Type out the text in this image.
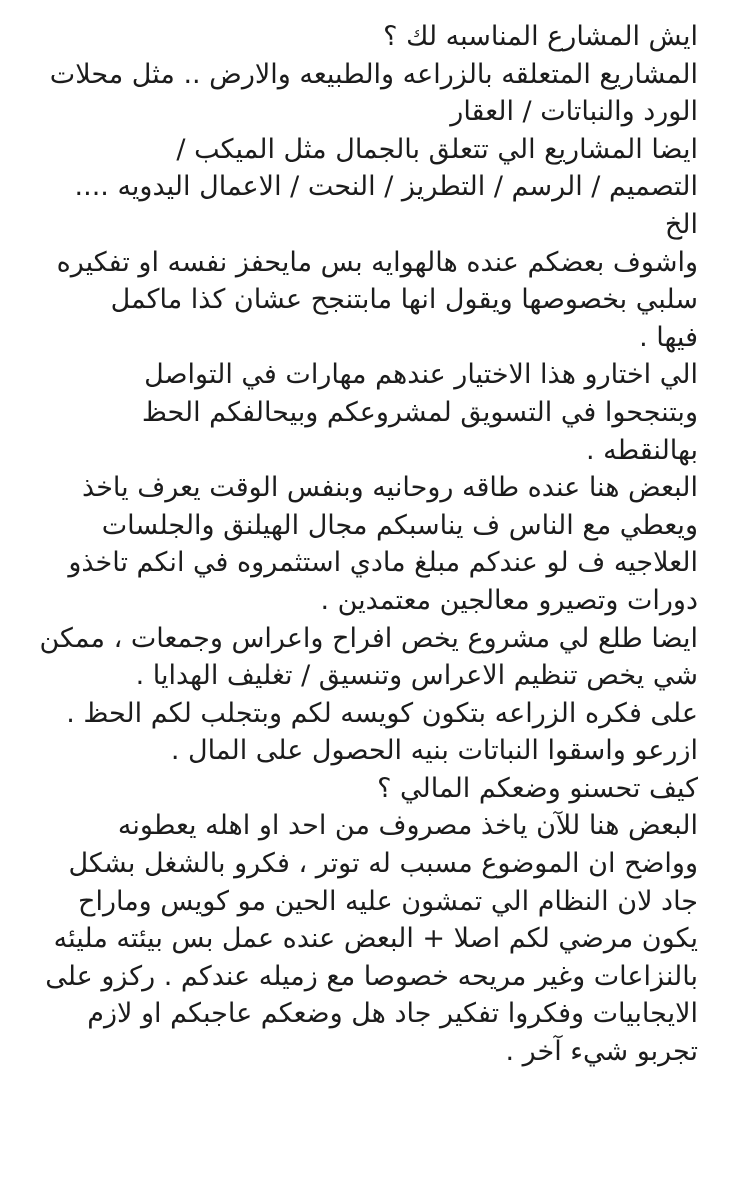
ايش المشارع المناسبه لك ؟
المشاريع المتعلقه بالزراعه والطبيعه والارض .. مثل محلات
الورد والنباتات / العقار
ايضا المشاريع الي تتعلق بالجمال مثل الميكب /
التصميم / الرسم / التطريز / النحت / الاعمال اليدويه ....
الخ
واشوف بعضكم عنده هالهوايه بس مايحفز نفسه او تفكيره
سلبي بخصوصها ويقول انها مابتنجح عشان كذا ماكمل
فيها .
الي اختارو هذا الاختيار عندهم مهارات في التواصل
وبتنجحوا في التسويق لمشروعكم وبيحالفكم الحظ
بهالنقطه .
البعض هنا عنده طاقه روحانيه وبنفس الوقت يعرف ياخذ
ويعطي مع الناس ف يناسبكم مجال الهيلنق والجلسات
العلاجيه ف لو عندكم مبلغ مادي استثمروه في انكم تاخذو
دورات وتصيرو معالجين معتمدين .
ايضا طلع لي مشروع يخص افراح واعراس وجمعات ، ممكن
شي يخص تنظيم الاعراس وتنسيق / تغليف الهدايا .
على فكره الزراعه بتكون كويسه لكم وبتجلب لكم الحظ .
ازرعو واسقوا النباتات بنيه الحصول على المال .
كيف تحسنو وضعكم المالي ؟
البعض هنا للآن ياخذ مصروف من احد او اهله يعطونه
وواضح ان الموضوع مسبب له توتر ، فكرو بالشغل بشكل
جاد لان النظام الي تمشون عليه الحين مو كويس وماراح
يكون مرضي لكم اصلا + البعض عنده عمل بس بيئته مليئه
بالنزاعات وغير مريحه خصوصا مع زميله عندكم . ركزو على
الايجابيات وفكروا تفكير جاد هل وضعكم عاجبكم او لازم
تجربو شيء آخر .
